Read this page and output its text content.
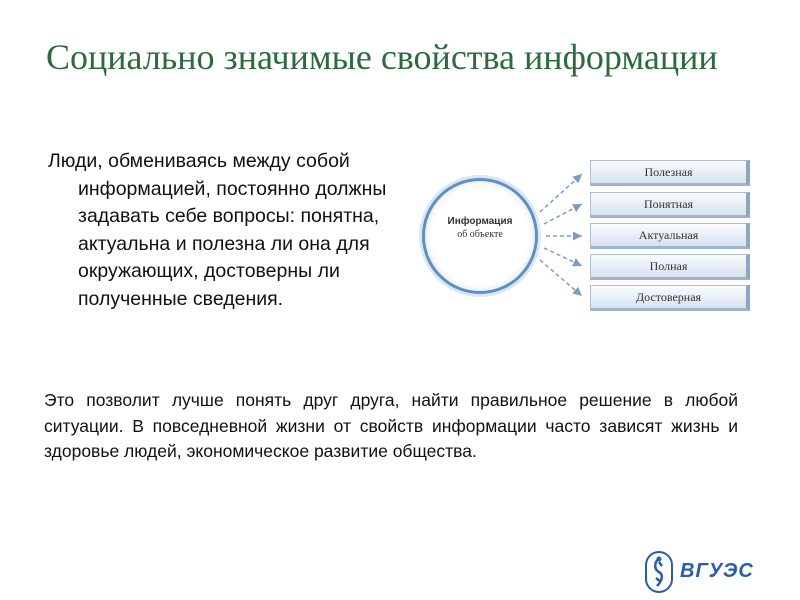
Социально значимые свойства информации

Люди, обмениваясь между собой информацией, постоянно должны задавать себе вопросы: понятна, актуальна и полезна ли она для окружающих, достоверны ли полученные сведения.

Информация
об объекте
Полезная
Понятная
Актуальная
Полная
Достоверная

Это позволит лучше понять друг друга, найти правильное решение в любой ситуации. В повседневной жизни от свойств информации часто зависят жизнь и здоровье людей, экономическое развитие общества.

ВГУЭС
